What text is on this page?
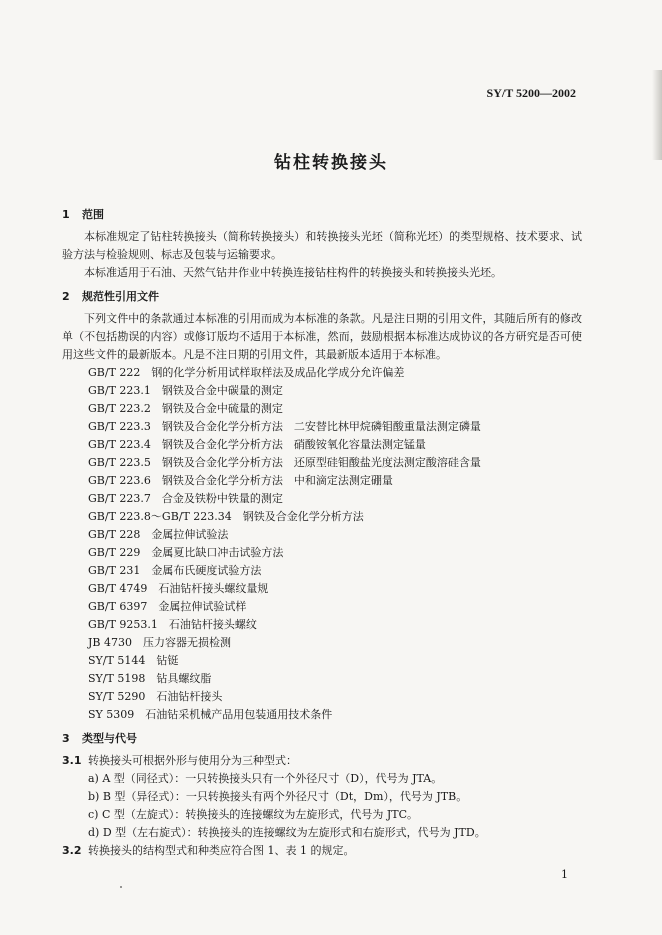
SY/T 5200—2002
钻柱转换接头
1 范围

本标准规定了钻柱转换接头（简称转换接头）和转换接头光坯（简称光坯）的类型规格、技术要求、试验方法与检验规则、标志及包装与运输要求。

本标准适用于石油、天然气钻井作业中转换连接钻柱构件的转换接头和转换接头光坯。

2 规范性引用文件

下列文件中的条款通过本标准的引用而成为本标准的条款。凡是注日期的引用文件，其随后所有的修改单（不包括勘误的内容）或修订版均不适用于本标准，然而，鼓励根据本标准达成协议的各方研究是否可使用这些文件的最新版本。凡是不注日期的引用文件，其最新版本适用于本标准。

GB/T 222　钢的化学分析用试样取样法及成品化学成分允许偏差
GB/T 223.1　钢铁及合金中碳量的测定
GB/T 223.2　钢铁及合金中硫量的测定
GB/T 223.3　钢铁及合金化学分析方法　二安替比林甲烷磷钼酸重量法测定磷量
GB/T 223.4　钢铁及合金化学分析方法　硝酸铵氧化容量法测定锰量
GB/T 223.5　钢铁及合金化学分析方法　还原型硅钼酸盐光度法测定酸溶硅含量
GB/T 223.6　钢铁及合金化学分析方法　中和滴定法测定硼量
GB/T 223.7　合金及铁粉中铁量的测定
GB/T 223.8～GB/T 223.34　钢铁及合金化学分析方法
GB/T 228　金属拉伸试验法
GB/T 229　金属夏比缺口冲击试验方法
GB/T 231　金属布氏硬度试验方法
GB/T 4749　石油钻杆接头螺纹量规
GB/T 6397　金属拉伸试验试样
GB/T 9253.1　石油钻杆接头螺纹
JB 4730　压力容器无损检测
SY/T 5144　钻铤
SY/T 5198　钻具螺纹脂
SY/T 5290　石油钻杆接头
SY 5309　石油钻采机械产品用包装通用技术条件
3 类型与代号
3.1 转换接头可根据外形与使用分为三种型式：
a) A 型（同径式）：一只转换接头只有一个外径尺寸（D），代号为 JTA。
b) B 型（异径式）：一只转换接头有两个外径尺寸（Dt，Dm），代号为 JTB。
c) C 型（左旋式）：转换接头的连接螺纹为左旋形式，代号为 JTC。
d) D 型（左右旋式）：转换接头的连接螺纹为左旋形式和右旋形式，代号为 JTD。
3.2 转换接头的结构型式和种类应符合图 1、表 1 的规定。
1
